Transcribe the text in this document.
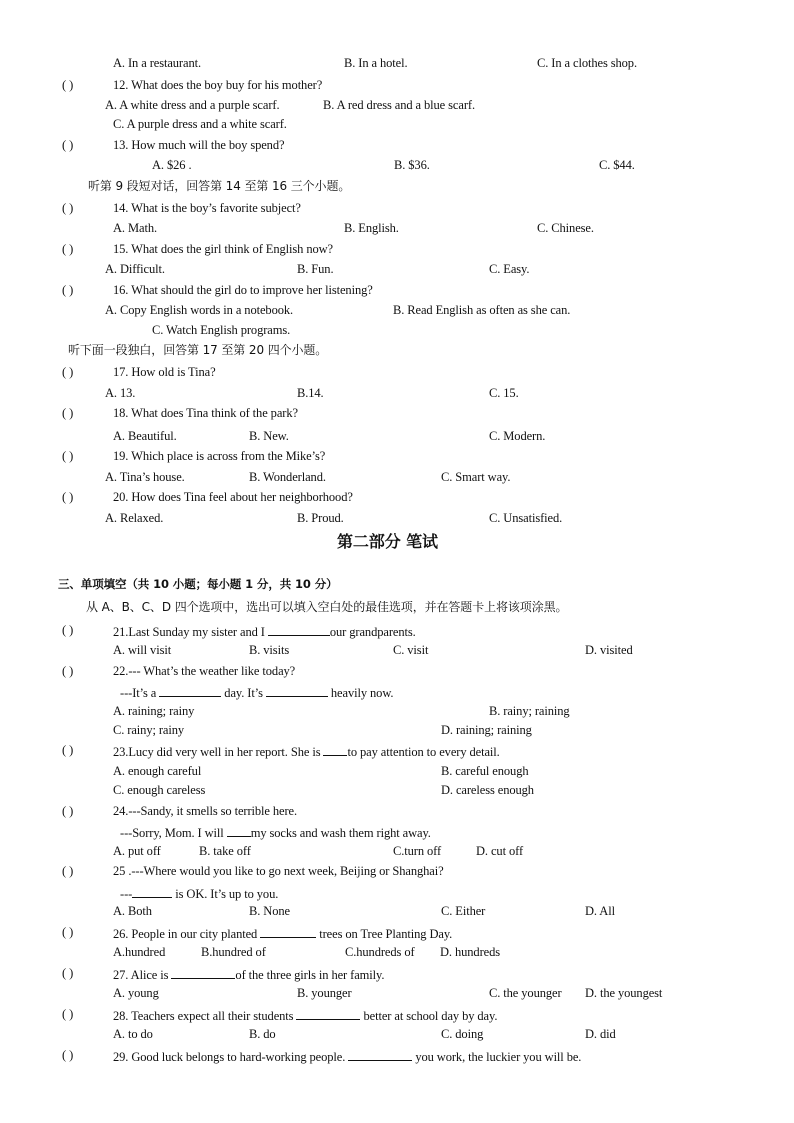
A. In a restaurant.	B. In a hotel.	C. In a clothes shop.
( )	12. What does the boy buy for his mother?
A. A white dress and a purple scarf.	B. A red dress and a blue scarf.
C. A purple dress and a white scarf.
( )	13. How much will the boy spend?
A. $26 .	B. $36.	C. $44.
听第 9 段短对话，回答第 14 至第 16 三个小题。
( )	14. What is the boy’s favorite subject?
A. Math.	B. English.	C. Chinese.
( )	15. What does the girl think of English now?
A. Difficult.	B. Fun.	C. Easy.
( )	16. What should the girl do to improve her listening?
A. Copy English words in a notebook.	B. Read English as often as she can.
C. Watch English programs.
听下面一段独白，回答第 17 至第 20 四个小题。
( )	17. How old is Tina?
A. 13.	B.14.	C. 15.
( )	18. What does Tina think of the park?
A. Beautiful.	B. New.	C. Modern.
( )	19. Which place is across from the Mike’s?
A. Tina’s house.	B. Wonderland.	C. Smart way.
( )	20. How does Tina feel about her neighborhood?
A. Relaxed.	B. Proud.	C. Unsatisfied.
第二部分 笔试
三、单项填空（共 10 小题；每小题 1 分，共 10 分）
从 A、B、C、D 四个选项中，选出可以填入空白处的最佳选项，并在答题卡上将该项涂黑。
( )	21.Last Sunday my sister and I	our grandparents.
A. will visit	B. visits	C. visit	D. visited
( )	22.--- What’s the weather like today?
---It’s a	day. It’s	heavily now.
A. raining; rainy	B. rainy; raining
C. rainy; rainy	D. raining; raining
( )	23.Lucy did very well in her report. She is to pay attention to every detail.
A. enough careful	B. careful enough
C. enough careless	D. careless enough
( )	24.---Sandy, it smells so terrible here.
---Sorry, Mom. I will my socks and wash them right away.
A. put off	B. take off	C.turn off	D. cut off
( )	25 .---Where would you like to go next week, Beijing or Shanghai?
---	is OK. It’s up to you.
A. Both	B. None	C. Either	D. All
( )	26. People in our city planted	trees on Tree Planting Day.
A.hundred	B.hundred of	C.hundreds of D. hundreds
( )	27. Alice is	of the three girls in her family.
A. young	B. younger	C. the younger D. the youngest
( )	28. Teachers expect all their students	better at school day by day.
A. to do	B. do	C. doing	D. did
( )	29. Good luck belongs to hard-working people.	you work, the luckier you will be.
